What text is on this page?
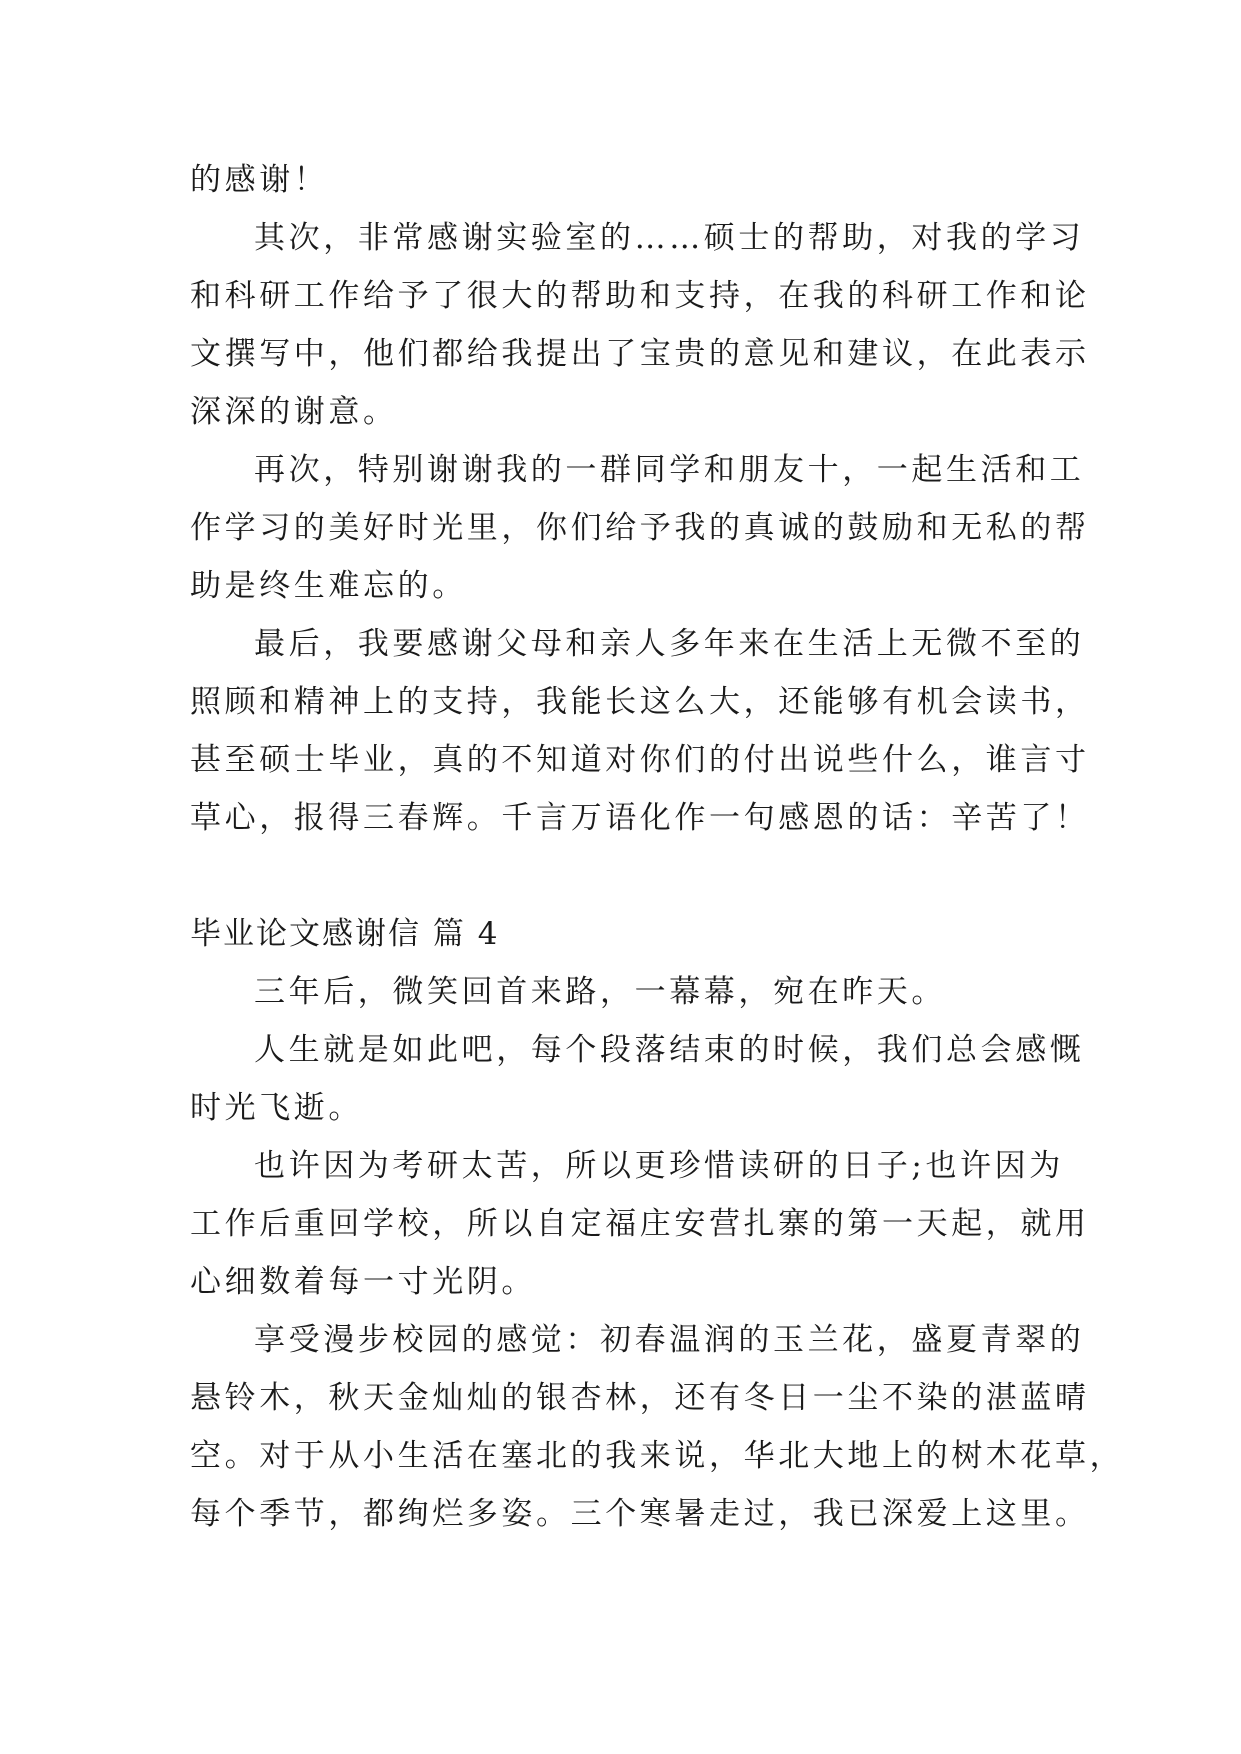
的感谢！
其次，非常感谢实验室的……硕士的帮助，对我的学习
和科研工作给予了很大的帮助和支持，在我的科研工作和论
文撰写中，他们都给我提出了宝贵的意见和建议，在此表示
深深的谢意。
再次，特别谢谢我的一群同学和朋友十，一起生活和工
作学习的美好时光里，你们给予我的真诚的鼓励和无私的帮
助是终生难忘的。
最后，我要感谢父母和亲人多年来在生活上无微不至的
照顾和精神上的支持，我能长这么大，还能够有机会读书，
甚至硕士毕业，真的不知道对你们的付出说些什么，谁言寸
草心，报得三春辉。千言万语化作一句感恩的话：辛苦了！
毕业论文感谢信 篇 4
三年后，微笑回首来路，一幕幕，宛在昨天。
人生就是如此吧，每个段落结束的时候，我们总会感慨
时光飞逝。
也许因为考研太苦，所以更珍惜读研的日子;也许因为
工作后重回学校，所以自定福庄安营扎寨的第一天起，就用
心细数着每一寸光阴。
享受漫步校园的感觉：初春温润的玉兰花，盛夏青翠的
悬铃木，秋天金灿灿的银杏林，还有冬日一尘不染的湛蓝晴
空。对于从小生活在塞北的我来说，华北大地上的树木花草，
每个季节，都绚烂多姿。三个寒暑走过，我已深爱上这里。
